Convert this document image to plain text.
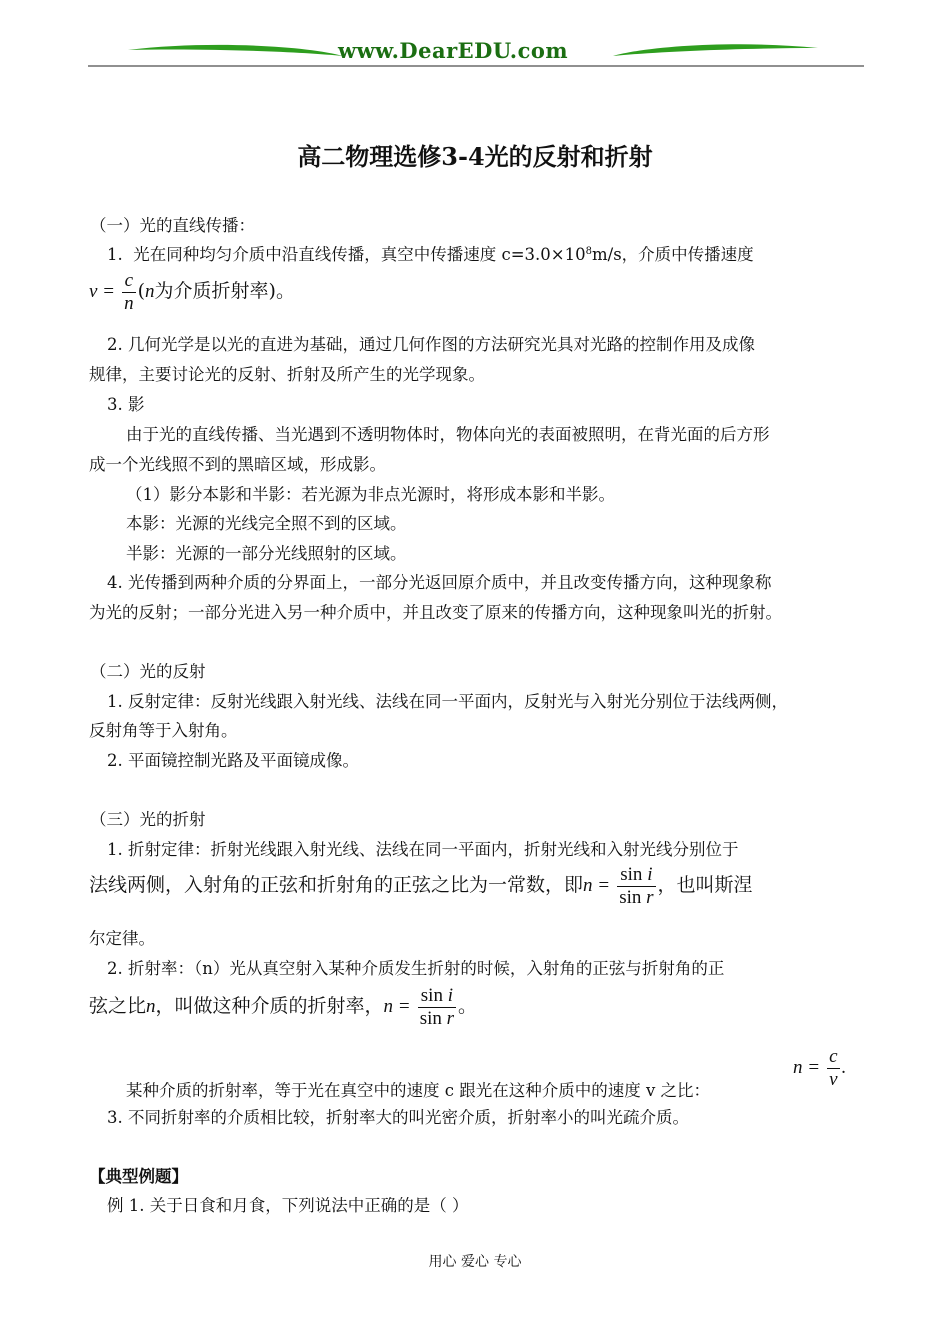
www.DearEDU.com
高二物理选修3-4光的反射和折射
（一）光的直线传播：
1. 光在同种均匀介质中沿直线传播，真空中传播速度 $c=3.0\times 10^8m/s$，介质中传播速度
$v = \frac{c}{n} (n$为介质折射率)。
2. 几何光学是以光的直进为基础，通过几何作图的方法研究光具对光路的控制作用及成像
规律，主要讨论光的反射、折射及所产生的光学现象。
3. 影
由于光的直线传播、当光遇到不透明物体时，物体向光的表面被照明，在背光面的后方形
成一个光线照不到的黑暗区域，形成影。
（1）影分本影和半影：若光源为非点光源时，将形成本影和半影。
本影：光源的光线完全照不到的区域。
半影：光源的一部分光线照射的区域。
4. 光传播到两种介质的分界面上，一部分光返回原介质中，并且改变传播方向，这种现象称
为光的反射；一部分光进入另一种介质中，并且改变了原来的传播方向，这种现象叫光的折射。
（二）光的反射
1. 反射定律：反射光线跟入射光线、法线在同一平面内，反射光与入射光分别位于法线两侧，
反射角等于入射角。
2. 平面镜控制光路及平面镜成像。
（三）光的折射
1. 折射定律：折射光线跟入射光线、法线在同一平面内，折射光线和入射光线分别位于
法线两侧，入射角的正弦和折射角的正弦之比为一常数，即$n = \frac{\text{sin i}}{\text{sin r}}$ ，也叫斯涅
尔定律。
2. 折射率：（n）光从真空射入某种介质发生折射的时候，入射角的正弦与折射角的正
弦之比n，叫做这种介质的折射率，$n = \frac{\text{sin i}}{\text{sin r}}$ 。
$n = \frac{c}{v}$ .
某种介质的折射率，等于光在真空中的速度 c 跟光在这种介质中的速度 v 之比：
3. 不同折射率的介质相比较，折射率大的叫光密介质，折射率小的叫光疏介质。
【典型例题】
例 1. 关于日食和月食，下列说法中正确的是（ ）
用心 爱心 专心
